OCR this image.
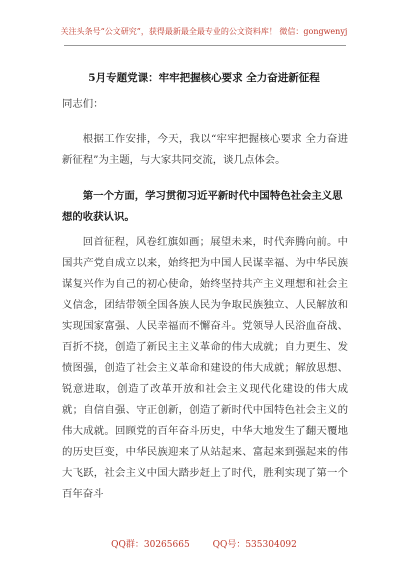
关注头条号“公文研究”，获得最新最全最专业的公文资料库！ 微信：gongwenyj
5月专题党课：牢牢把握核心要求 全力奋进新征程

同志们：

根据工作安排，今天，我以“牢牢把握核心要求 全力奋进新征程”为主题，与大家共同交流，谈几点体会。

第一个方面，学习贯彻习近平新时代中国特色社会主义思想的收获认识。

回首征程，风卷红旗如画；展望未来，时代奔腾向前。中国共产党自成立以来，始终把为中国人民谋幸福、为中华民族谋复兴作为自己的初心使命，始终坚持共产主义理想和社会主义信念，团结带领全国各族人民为争取民族独立、人民解放和实现国家富强、人民幸福而不懈奋斗。党领导人民浴血奋战、百折不挠，创造了新民主主义革命的伟大成就；自力更生、发愤图强，创造了社会主义革命和建设的伟大成就；解放思想、锐意进取，创造了改革开放和社会主义现代化建设的伟大成就；自信自强、守正创新，创造了新时代中国特色社会主义的伟大成就。回顾党的百年奋斗历史，中华大地发生了翻天覆地的历史巨变，中华民族迎来了从站起来、富起来到强起来的伟大飞跃，社会主义中国大踏步赶上了时代，胜利实现了第一个百年奋斗

QQ群：30265665	QQ号：535304092
